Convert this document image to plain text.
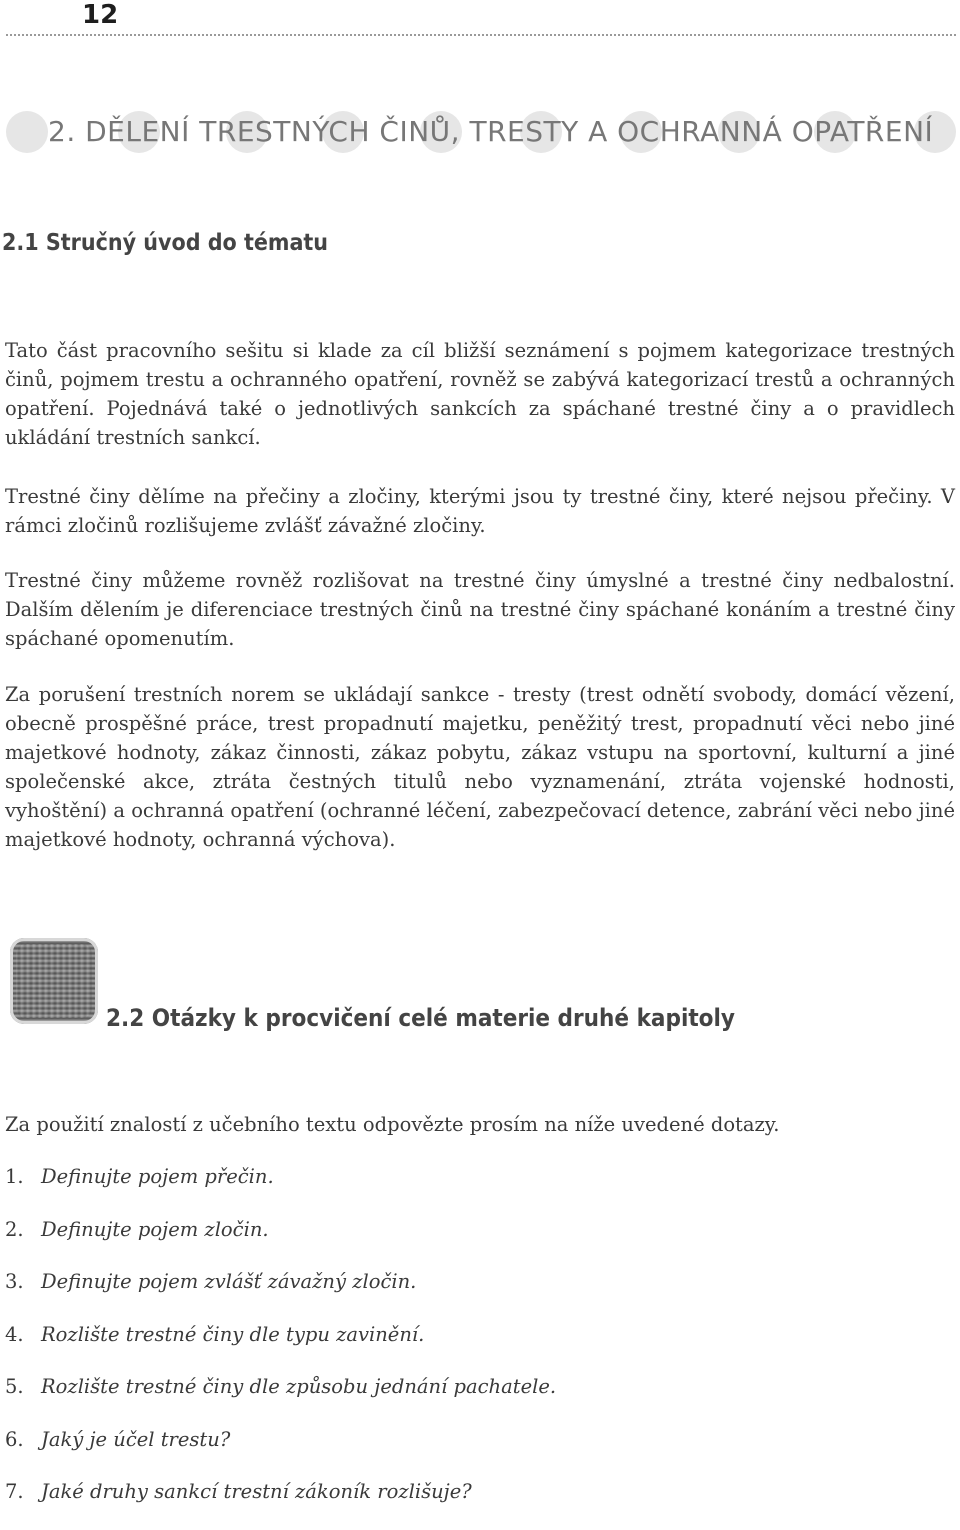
12
2. DĚLENÍ TRESTNÝCH ČINŮ, TRESTY A OCHRANNÁ OPATŘENÍ
2.1 Stručný úvod do tématu

Tato část pracovního sešitu si klade za cíl bližší seznámení s pojmem kategorizace trestných činů, pojmem trestu a ochranného opatření, rovněž se zabývá kategorizací trestů a ochranných opatření. Pojednává také o jednotlivých sankcích za spáchané trestné činy a o pravidlech ukládání trestních sankcí.

Trestné činy dělíme na přečiny a zločiny, kterými jsou ty trestné činy, které nejsou přečiny. V rámci zločinů rozlišujeme zvlášť závažné zločiny.

Trestné činy můžeme rovněž rozlišovat na trestné činy úmyslné a trestné činy nedbalostní. Dalším dělením je diferenciace trestných činů na trestné činy spáchané konáním a trestné činy spáchané opomenutím.

Za porušení trestních norem se ukládají sankce - tresty (trest odnětí svobody, domácí vězení, obecně prospěšné práce, trest propadnutí majetku, peněžitý trest, propadnutí věci nebo jiné majetkové hodnoty, zákaz činnosti, zákaz pobytu, zákaz vstupu na sportovní, kulturní a jiné společenské akce, ztráta čestných titulů nebo vyznamenání, ztráta vojenské hodnosti, vyhoštění) a ochranná opatření (ochranné léčení, zabezpečovací detence, zabrání věci nebo jiné majetkové hodnoty, ochranná výchova).

2.2 Otázky k procvičení celé materie druhé kapitoly
Za použití znalostí z učebního textu odpovězte prosím na níže uvedené dotazy.
1. Definujte pojem přečin.
2. Definujte pojem zločin.
3. Definujte pojem zvlášť závažný zločin.
4. Rozlište trestné činy dle typu zavinění.
5. Rozlište trestné činy dle způsobu jednání pachatele.
6. Jaký je účel trestu?
7. Jaké druhy sankcí trestní zákoník rozlišuje?
